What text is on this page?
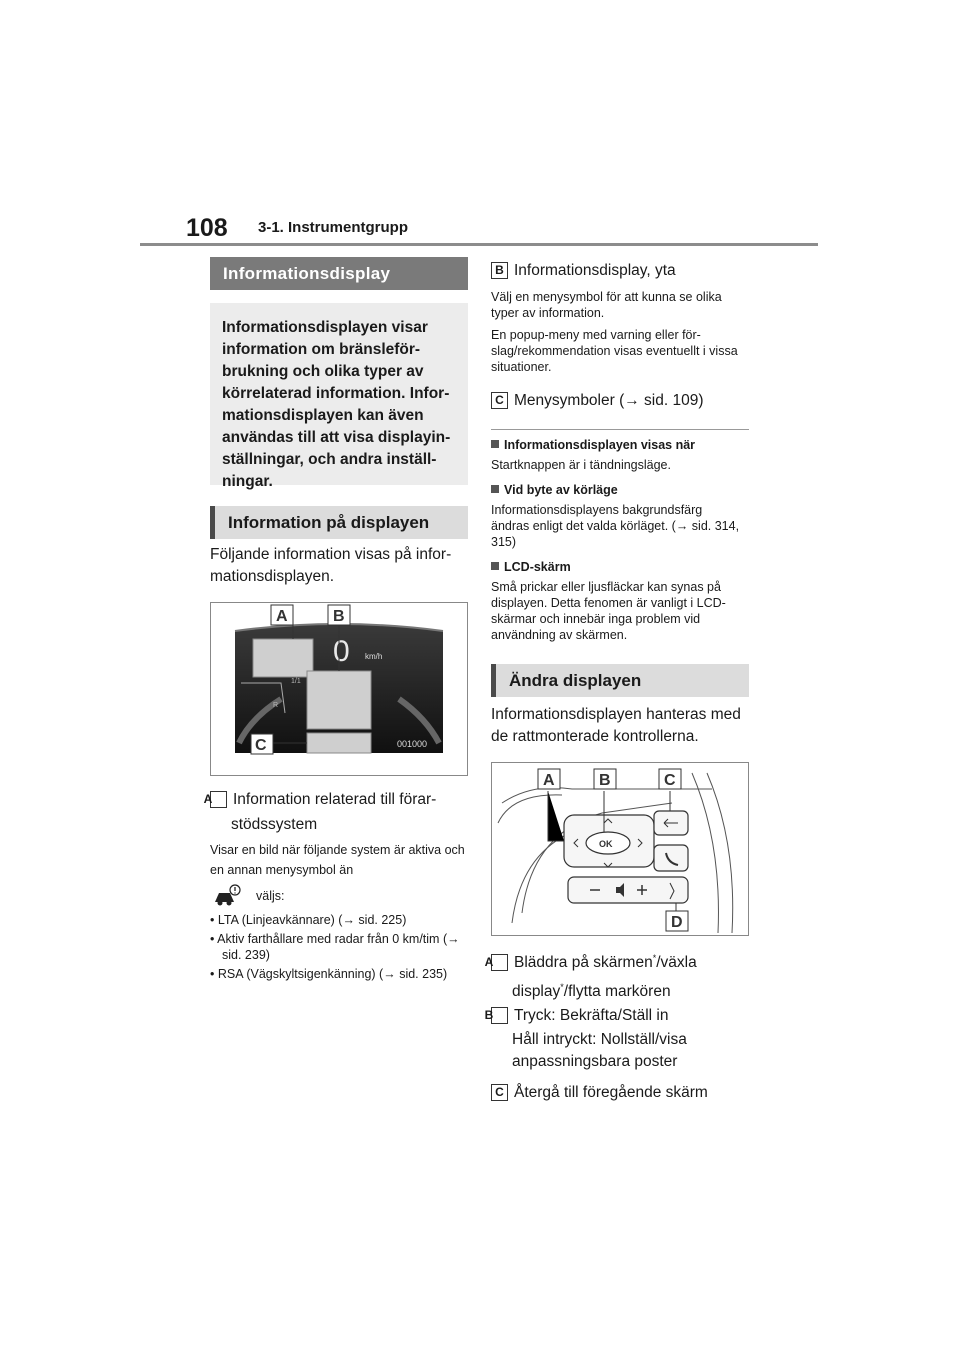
108 3-1. Instrumentgrupp
Informationsdisplay
Informationsdisplayen visar information om bränsleför-brukning och olika typer av körrelaterad information. Infor-mationsdisplayen kan även användas till att visa displayin-ställningar, och andra inställ-ningar.
Information på displayen
Följande information visas på infor-mationsdisplayen.
0 km/h
1/1
R
001000
A	B
C
A Information relaterad till förar-stödssystem
Visar en bild när följande system är aktiva och en annan menysymbol än
väljs:
• LTA (Linjeavkännare) (→ sid. 225)
• Aktiv farthållare med radar från 0 km/tim (→ sid. 239)
• RSA (Vägskyltsigenkänning) (→ sid. 235)
B Informationsdisplay, yta
Välj en menysymbol för att kunna se olika typer av information.
En popup-meny med varning eller för-slag/rekommendation visas eventuellt i vissa situationer.
C Menysymboler (→ sid. 109)
Informationsdisplayen visas när
Startknappen är i tändningsläge.
Vid byte av körläge
Informationsdisplayens bakgrundsfärg ändras enligt det valda körläget. (→ sid. 314, 315)
LCD-skärm
Små prickar eller ljusfläckar kan synas på displayen. Detta fenomen är vanligt i LCD-skärmar och innebär inga problem vid användning av skärmen.
Ändra displayen
Informationsdisplayen hanteras med de rattmonterade kontrollerna.
OK
A	B	C
D
A Bläddra på skärmen*/växla display*/flytta markören
B Tryck: Bekräfta/Ställ in
Håll intryckt: Nollställ/visa anpassningsbara poster
C Återgå till föregående skärm
